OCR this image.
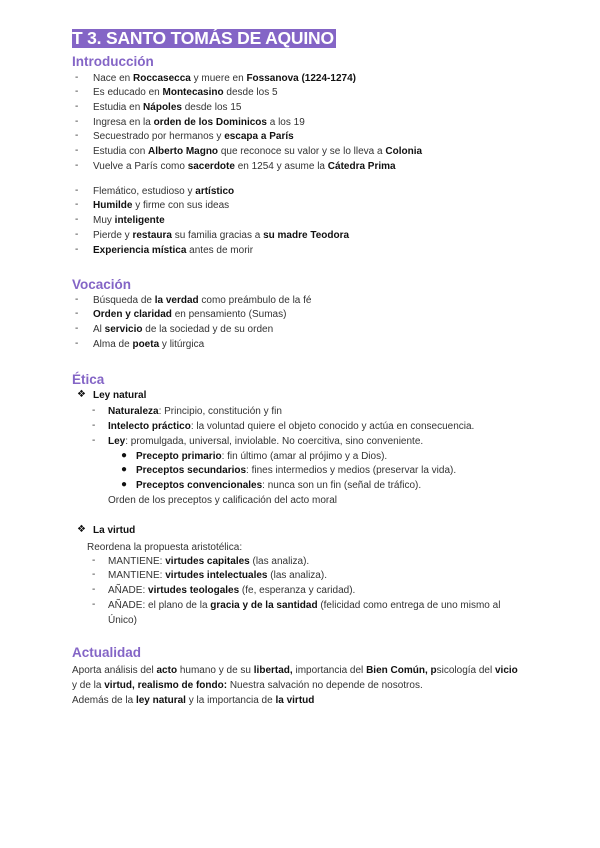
T 3. SANTO TOMÁS DE AQUINO
Introducción
- Nace en Roccasecca y muere en Fossanova (1224-1274)
- Es educado en Montecasino desde los 5
- Estudia en Nápoles desde los 15
- Ingresa en la orden de los Dominicos a los 19
- Secuestrado por hermanos y escapa a París
- Estudia con Alberto Magno que reconoce su valor y se lo lleva a Colonia
- Vuelve a París como sacerdote en 1254 y asume la Cátedra Prima
- Flemático, estudioso y artístico
- Humilde y firme con sus ideas
- Muy inteligente
- Pierde y restaura su familia gracias a su madre Teodora
- Experiencia mística antes de morir
Vocación
- Búsqueda de la verdad como preámbulo de la fé
- Orden y claridad en pensamiento (Sumas)
- Al servicio de la sociedad y de su orden
- Alma de poeta y litúrgica
Ética
❖ Ley natural
- Naturaleza: Principio, constitución y fin
- Intelecto práctico: la voluntad quiere el objeto conocido y actúa en consecuencia.
- Ley: promulgada, universal, inviolable. No coercitiva, sino conveniente.
● Precepto primario: fin último (amar al prójimo y a Dios).
● Preceptos secundarios: fines intermedios y medios (preservar la vida).
● Preceptos convencionales: nunca son un fin (señal de tráfico).
Orden de los preceptos y calificación del acto moral
❖ La virtud
Reordena la propuesta aristotélica:
- MANTIENE: virtudes capitales (las analiza).
- MANTIENE: virtudes intelectuales (las analiza).
- AÑADE: virtudes teologales (fe, esperanza y caridad).
- AÑADE: el plano de la gracia y de la santidad (felicidad como entrega de uno mismo al
Único)
Actualidad
Aporta análisis del acto humano y de su libertad, importancia del Bien Común, psicología del vicio
y de la virtud, realismo de fondo: Nuestra salvación no depende de nosotros.
Además de la ley natural y la importancia de la virtud
